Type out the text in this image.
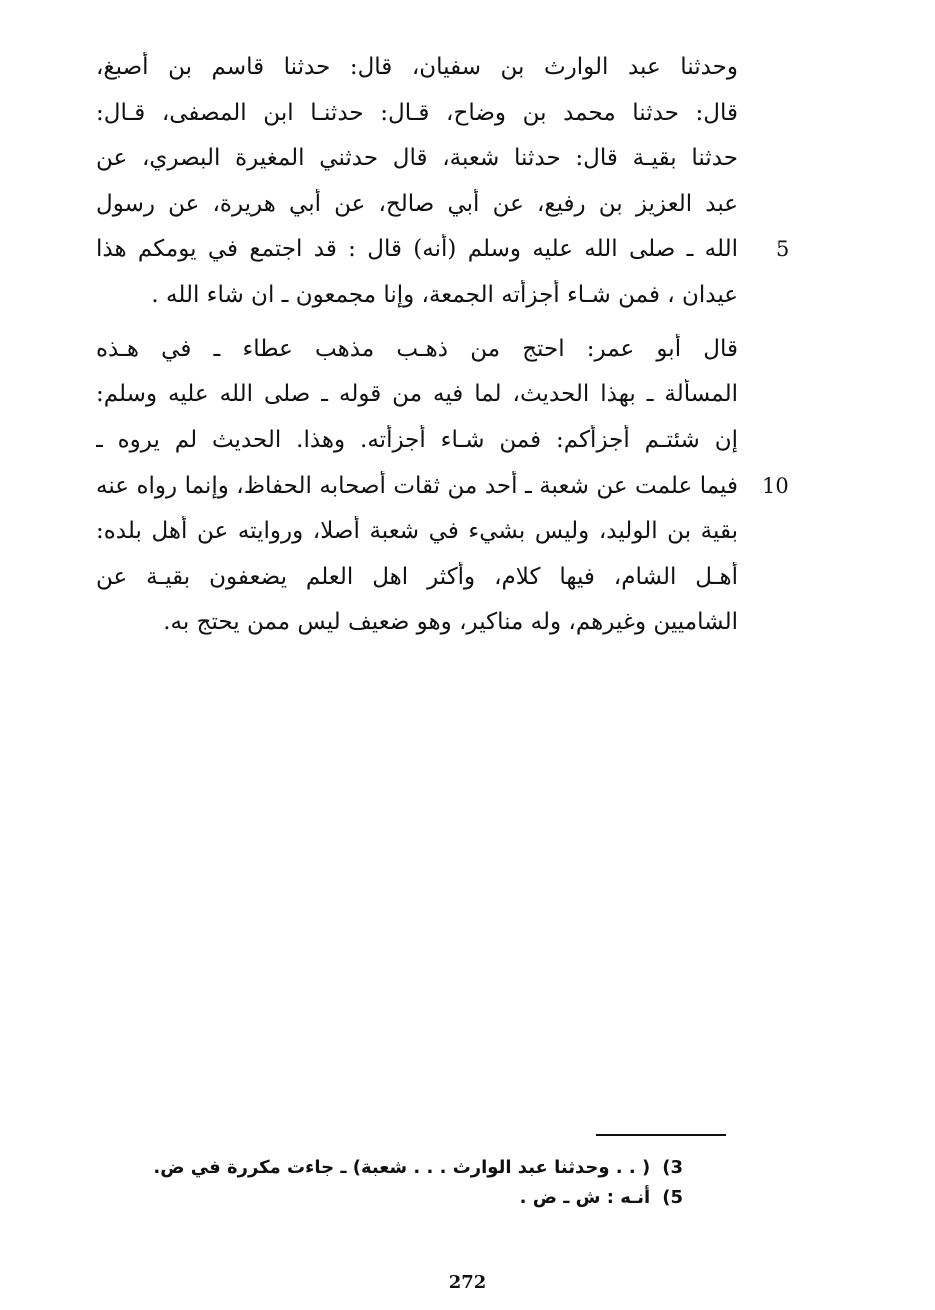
وحدثنا عبد الوارث بن سفيان، قال: حدثنا قاسم بن أصبغ،
قال: حدثنا محمد بن وضاح، قـال: حدثنـا ابن المصفى، قـال:
حدثنا بقيـة قال: حدثنا شعبة، قال حدثني المغيرة البصري، عن
عبد العزيز بن رفيع، عن أبي صالح، عن أبي هريرة، عن رسول
الله ـ صلى الله عليه وسلم (أنه) قال : قد اجتمع في يومكم هذا
عيدان ، فمن شـاء أجزأته الجمعة، وإنا مجمعون ـ ان شاء الله .
قال أبو عمر: احتج من ذهـب مذهب عطاء ـ في هـذه
المسألة ـ بهذا الحديث، لما فيه من قوله ـ صلى الله عليه وسلم:
إن شئتـم أجزأكم: فمن شـاء أجزأته. وهذا. الحديث لم يروه ـ
فيما علمت عن شعبة ـ أحد من ثقات أصحابه الحفاظ، وإنما رواه عنه
بقية بن الوليد، وليس بشيء في شعبة أصلا، وروايته عن أهل بلده:
أهـل الشام، فيها كلام، وأكثر اهل العلم يضعفون بقيـة عن
الشاميين وغيرهم، وله مناكير، وهو ضعيف ليس ممن يحتج به.
5
10
3)( . . وحدثنا عبد الوارث . . . شعبة) ـ جاءت مكررة في ض.
5)أنـه : ش ـ ض .
272
